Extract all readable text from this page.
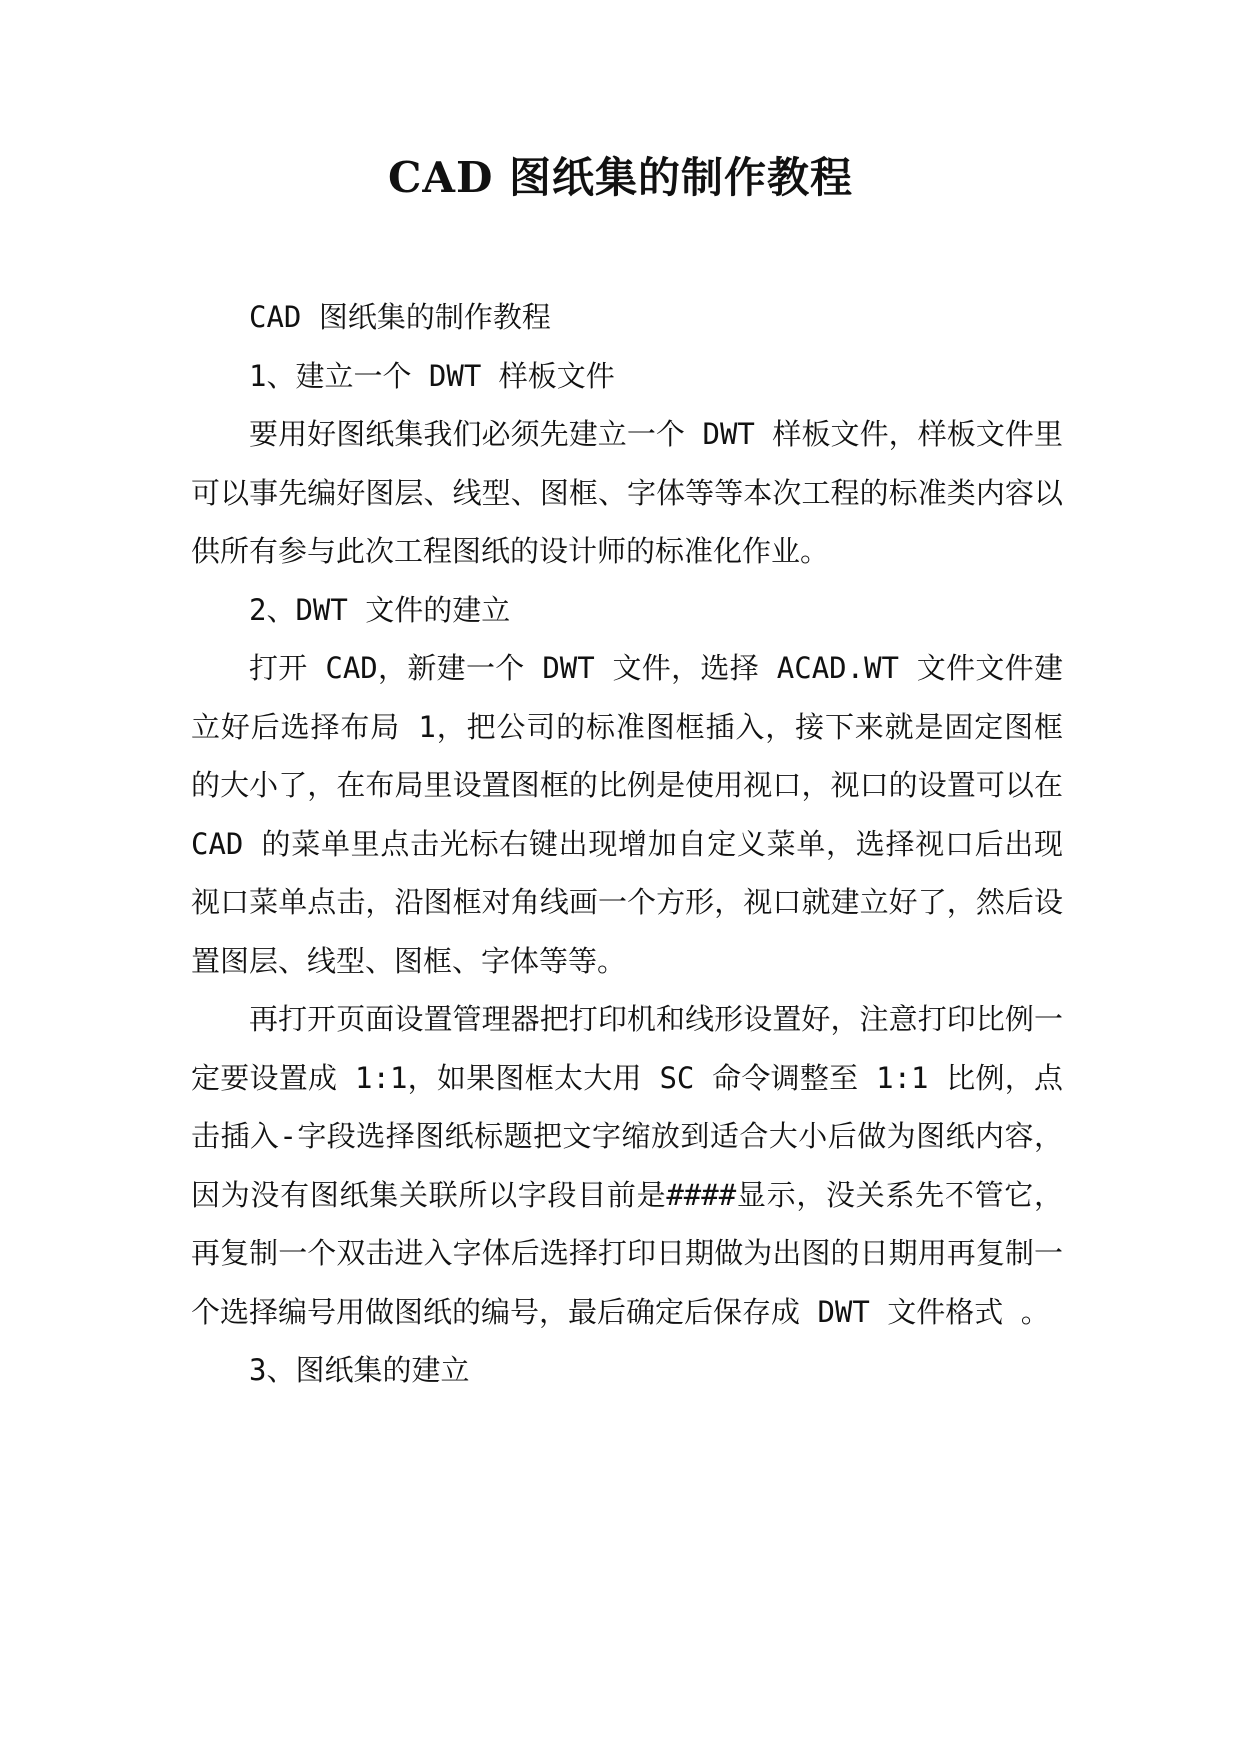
CAD 图纸集的制作教程

CAD 图纸集的制作教程

1、建立一个 DWT 样板文件

要用好图纸集我们必须先建立一个 DWT 样板文件，样板文件里可以事先编好图层、线型、图框、字体等等本次工程的标准类内容以供所有参与此次工程图纸的设计师的标准化作业。

2、DWT 文件的建立

打开 CAD，新建一个 DWT 文件，选择 ACAD.WT 文件文件建立好后选择布局 1，把公司的标准图框插入，接下来就是固定图框的大小了，在布局里设置图框的比例是使用视口，视口的设置可以在 CAD 的菜单里点击光标右键出现增加自定义菜单，选择视口后出现视口菜单点击，沿图框对角线画一个方形，视口就建立好了，然后设置图层、线型、图框、字体等等。

再打开页面设置管理器把打印机和线形设置好，注意打印比例一定要设置成 1:1，如果图框太大用 SC 命令调整至 1:1 比例，点击插入-字段选择图纸标题把文字缩放到适合大小后做为图纸内容，因为没有图纸集关联所以字段目前是####显示，没关系先不管它，再复制一个双击进入字体后选择打印日期做为出图的日期用再复制一个选择编号用做图纸的编号，最后确定后保存成 DWT 文件格式 。

3、图纸集的建立
